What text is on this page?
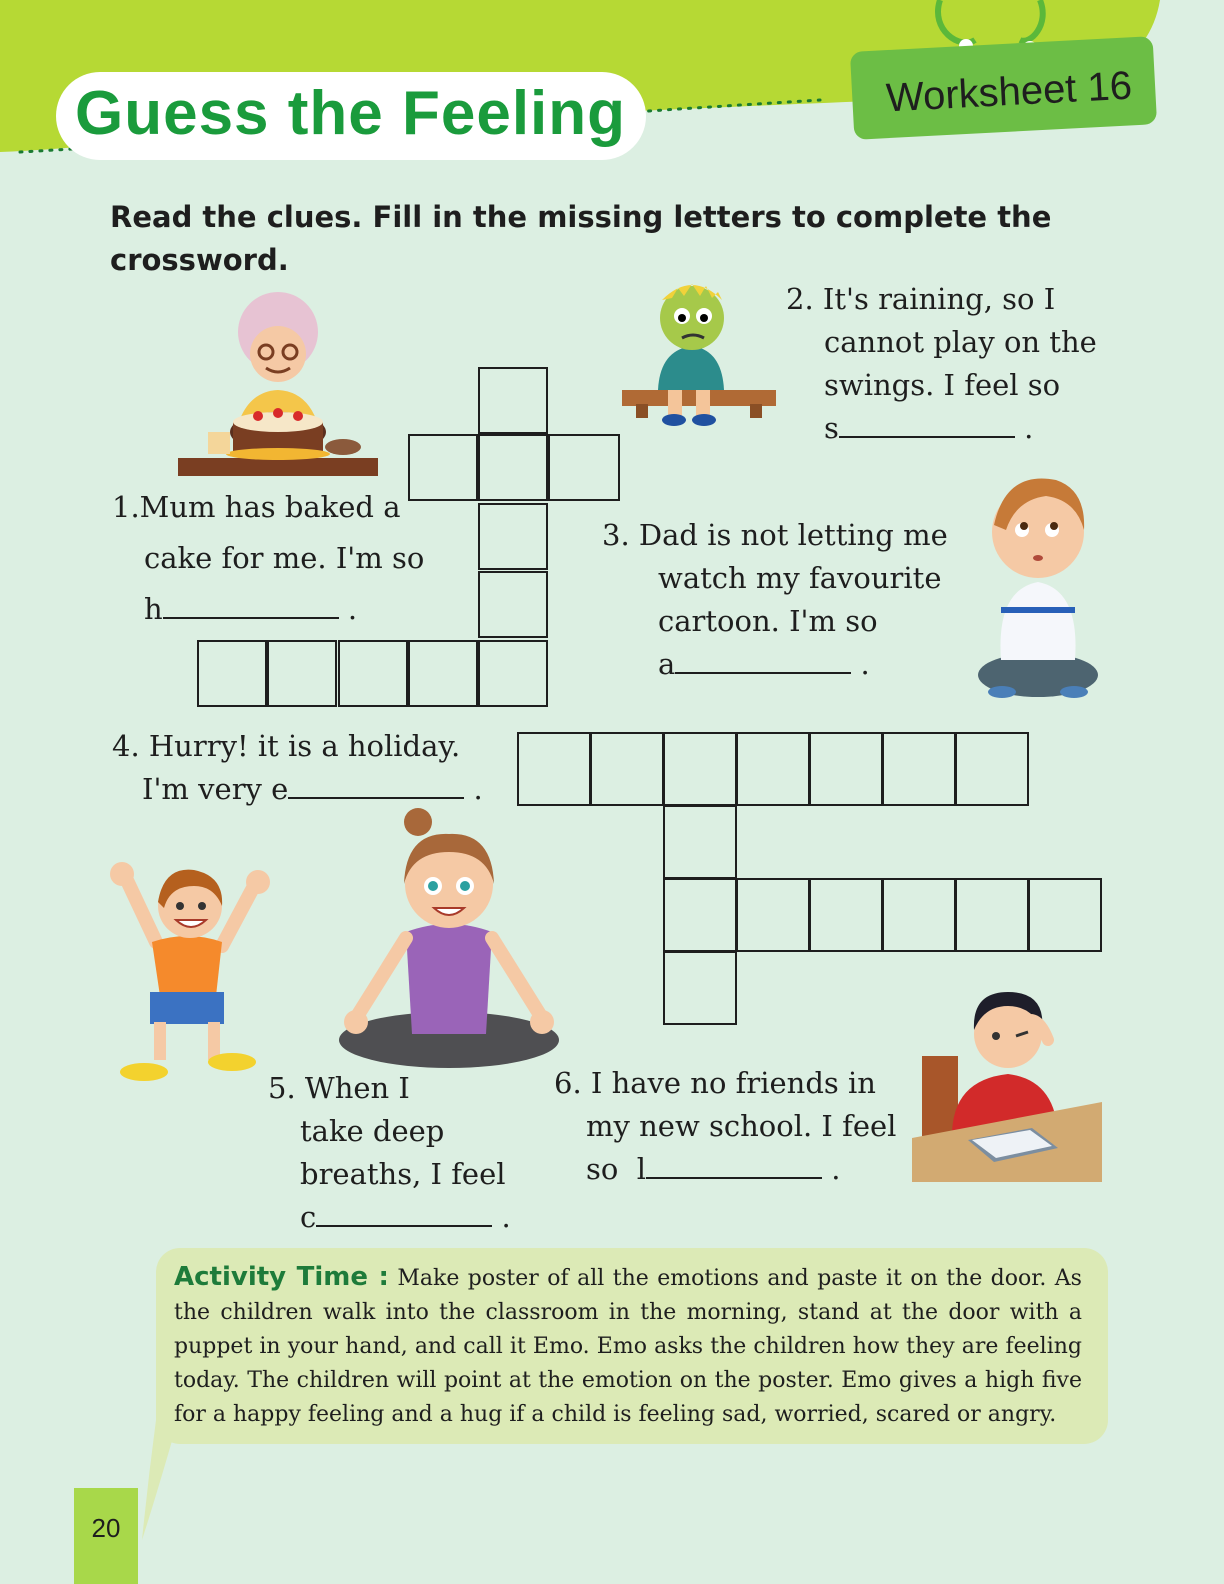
Guess the Feeling	Worksheet 16
Read the clues. Fill in the missing letters to complete the crossword.
1.Mum has baked a
cake for me. I'm so
h	.
2. It's raining, so I
cannot play on the
swings. I feel so
s	.
3. Dad is not letting me
watch my favourite
cartoon. I'm so
a	.
4. Hurry! it is a holiday.
I'm very e	.
5. When I
take deep
breaths, I feel
c	.
6. I have no friends in
my new school. I feel
so l	.
Activity Time : Make poster of all the emotions and paste it on the door. As the children walk into the classroom in the morning, stand at the door with a puppet in your hand, and call it Emo. Emo asks the children how they are feeling today. The children will point at the emotion on the poster. Emo gives a high five for a happy feeling and a hug if a child is feeling sad, worried, scared or angry.
20
